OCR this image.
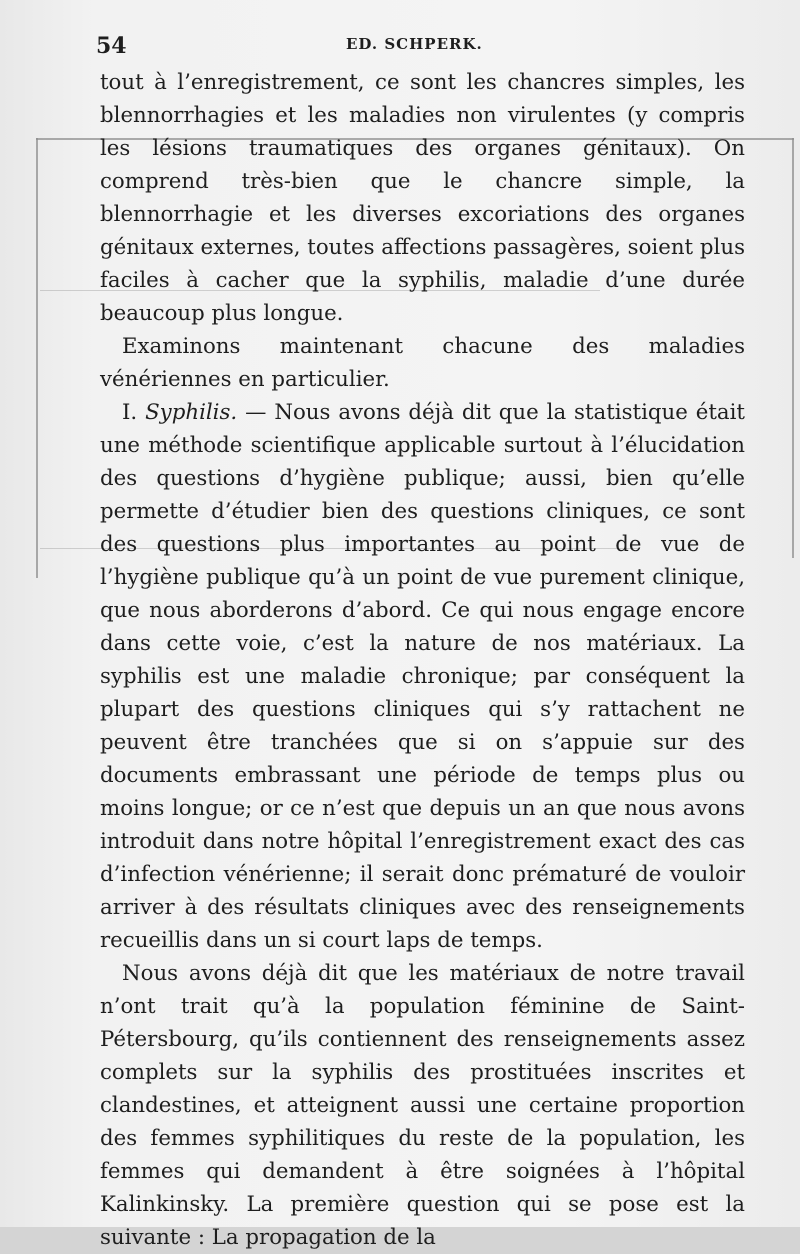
54	ED. SCHPERK.

tout à l’enregistrement, ce sont les chancres simples, les blennorrhagies et les maladies non virulentes (y compris les lésions traumatiques des organes génitaux). On comprend très-bien que le chancre simple, la blennorrhagie et les diverses excoriations des organes génitaux externes, toutes affections passagères, soient plus faciles à cacher que la syphilis, maladie d’une durée beaucoup plus longue.

Examinons maintenant chacune des maladies vénériennes en particulier.

I. Syphilis. — Nous avons déjà dit que la statistique était une méthode scientifique applicable surtout à l’élucidation des questions d’hygiène publique; aussi, bien qu’elle permette d’étudier bien des questions cliniques, ce sont des questions plus importantes au point de vue de l’hygiène publique qu’à un point de vue purement clinique, que nous aborderons d’abord. Ce qui nous engage encore dans cette voie, c’est la nature de nos matériaux. La syphilis est une maladie chronique; par conséquent la plupart des questions cliniques qui s’y rattachent ne peuvent être tranchées que si on s’appuie sur des documents embrassant une période de temps plus ou moins longue; or ce n’est que depuis un an que nous avons introduit dans notre hôpital l’enregistrement exact des cas d’infection vénérienne; il serait donc prématuré de vouloir arriver à des résultats cliniques avec des renseignements recueillis dans un si court laps de temps.

Nous avons déjà dit que les matériaux de notre travail n’ont trait qu’à la population féminine de Saint-Pétersbourg, qu’ils contiennent des renseignements assez complets sur la syphilis des prostituées inscrites et clandestines, et atteignent aussi une certaine proportion des femmes syphilitiques du reste de la population, les femmes qui demandent à être soignées à l’hôpital Kalinkinsky. La première question qui se pose est la suivante : La propagation de la
